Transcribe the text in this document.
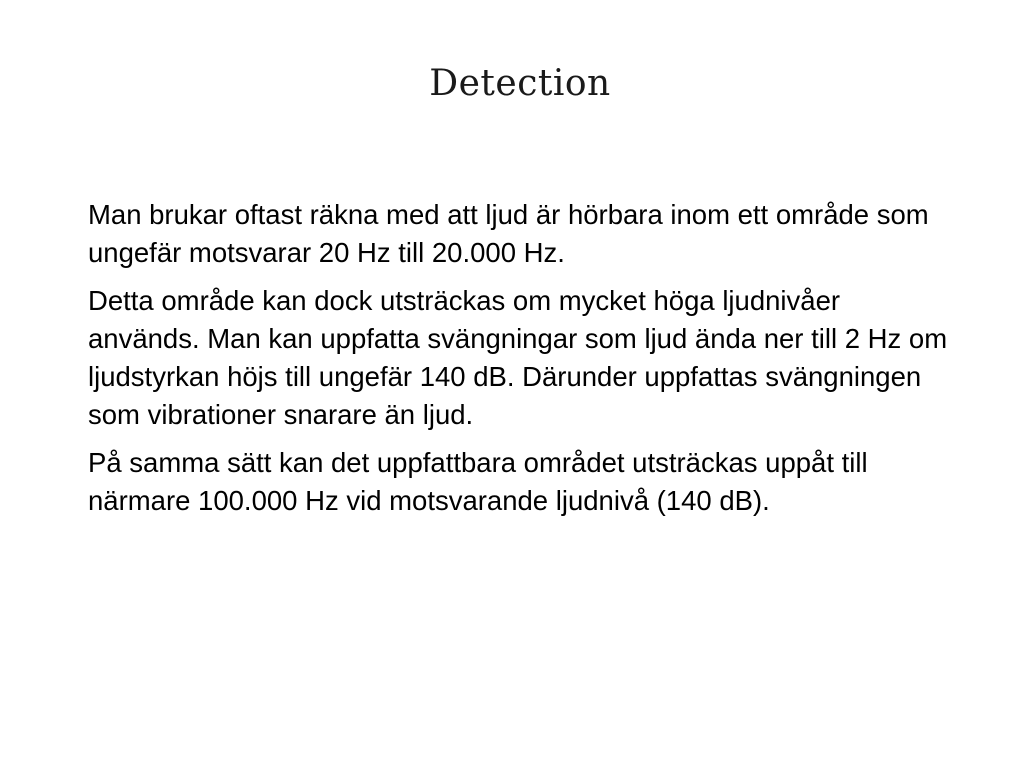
Detection

Man brukar oftast räkna med att ljud är hörbara inom ett område som ungefär motsvarar 20 Hz till 20.000 Hz.

Detta område kan dock utsträckas om mycket höga ljudnivåer används. Man kan uppfatta svängningar som ljud ända ner till 2 Hz om ljudstyrkan höjs till ungefär 140 dB. Därunder uppfattas svängningen som vibrationer snarare än ljud.

På samma sätt kan det uppfattbara området utsträckas uppåt till närmare 100.000 Hz vid motsvarande ljudnivå (140 dB).
